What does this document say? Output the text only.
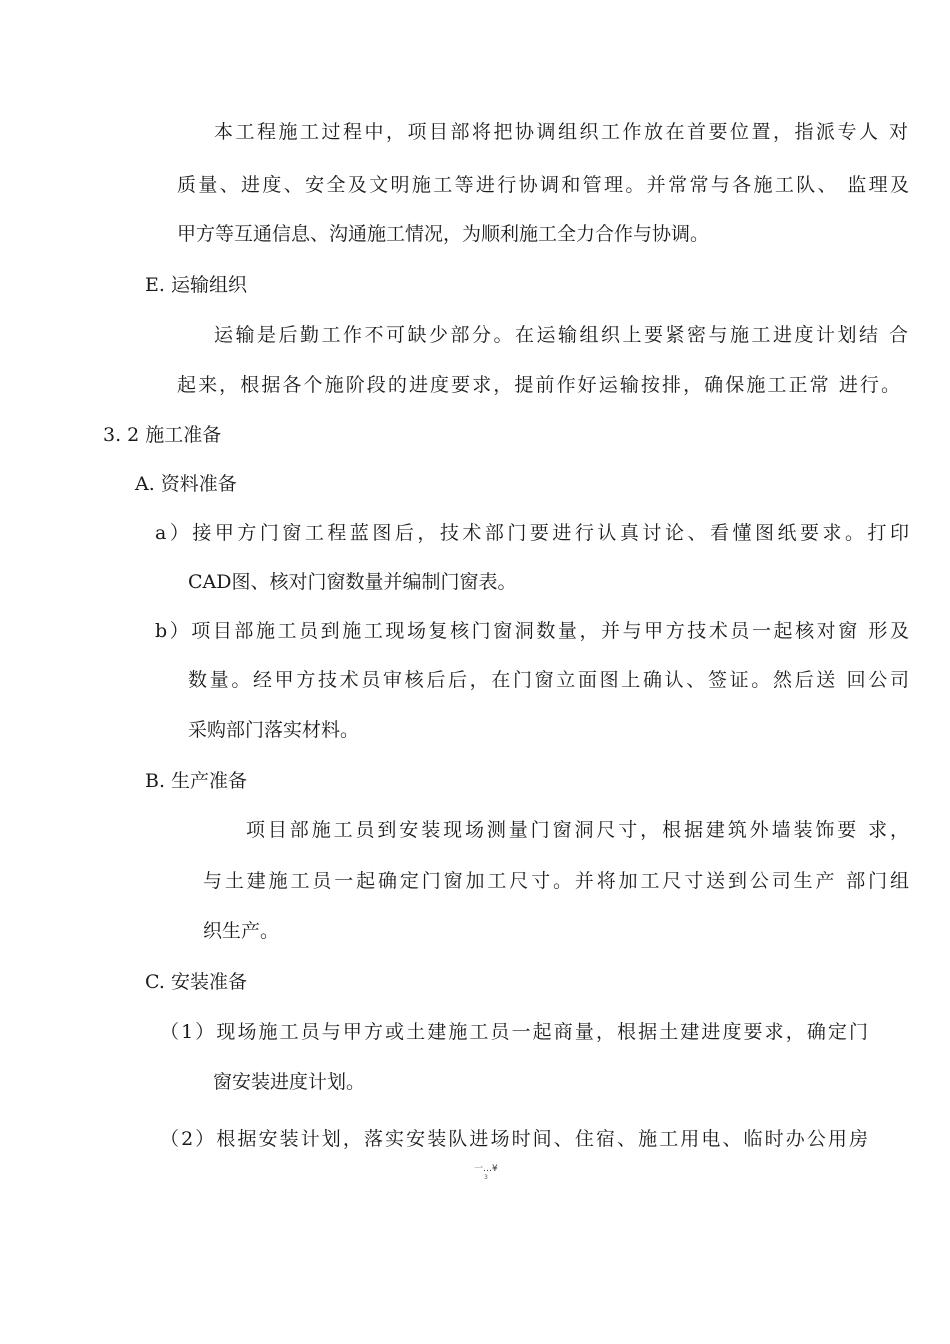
本工程施工过程中，项目部将把协调组织工作放在首要位置，指派专人 对
质量、进度、安全及文明施工等进行协调和管理。并常常与各施工队、 监理及
甲方等互通信息、沟通施工情况，为顺利施工全力合作与协调。
E. 运输组织
运输是后勤工作不可缺少部分。在运输组织上要紧密与施工进度计划结 合
起来，根据各个施阶段的进度要求，提前作好运输按排，确保施工正常 进行。
3. 2 施工准备
A. 资料准备
a）接甲方门窗工程蓝图后，技术部门要进行认真讨论、看懂图纸要求。打印
CAD图、核对门窗数量并编制门窗表。
b）项目部施工员到施工现场复核门窗洞数量，并与甲方技术员一起核对窗 形及
数量。经甲方技术员审核后后，在门窗立面图上确认、签证。然后送 回公司
采购部门落实材料。
B. 生产准备
项目部施工员到安装现场测量门窗洞尺寸，根据建筑外墙装饰要 求，
与土建施工员一起确定门窗加工尺寸。并将加工尺寸送到公司生产 部门组
织生产。
C. 安装准备
（1）现场施工员与甲方或土建施工员一起商量，根据土建进度要求，确定门
窗安装进度计划。
（2）根据安装计划，落实安装队进场时间、住宿、施工用电、临时办公用房
一…¥
3
